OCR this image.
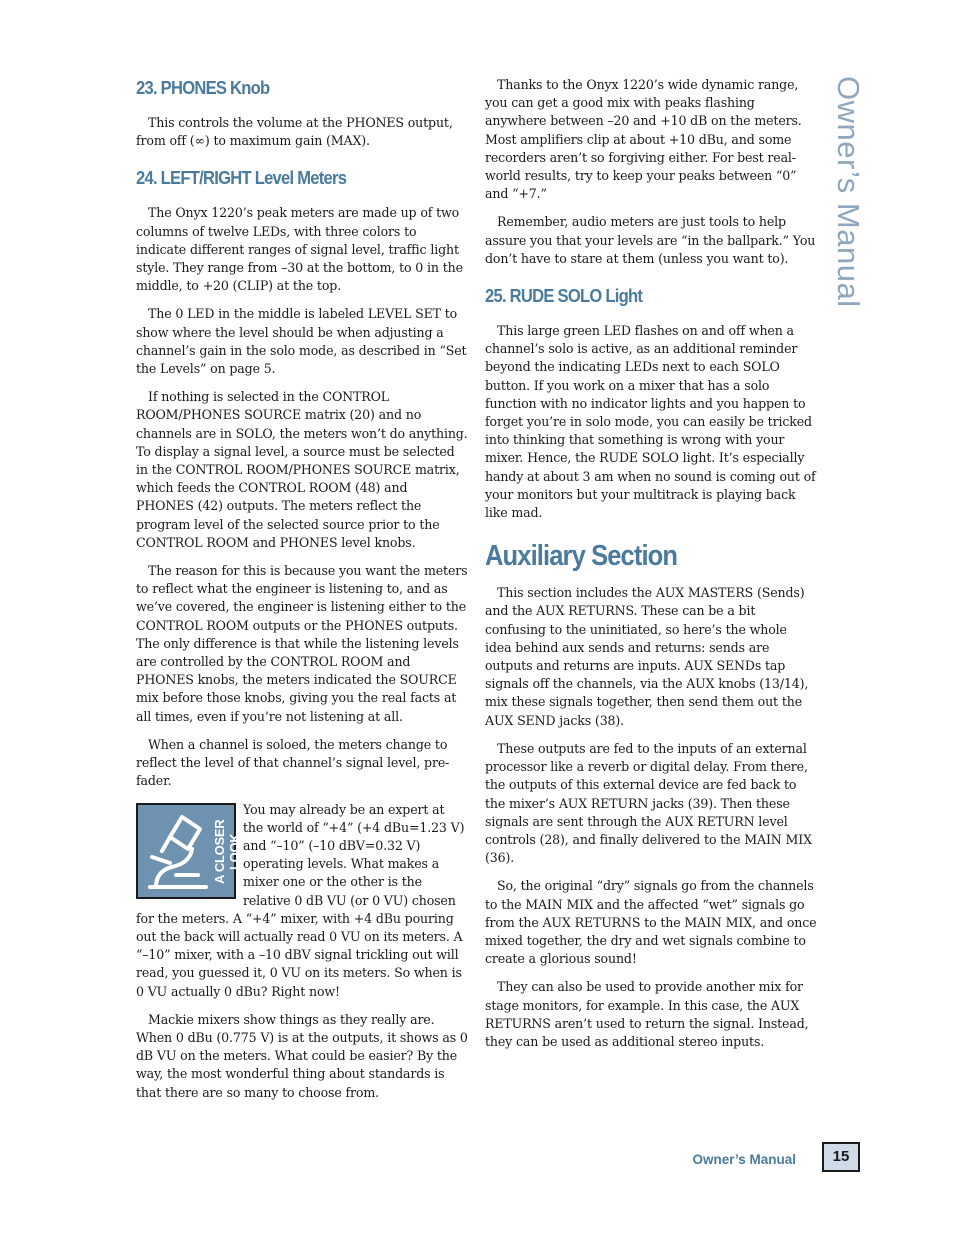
Owner’s Manual
23. PHONES Knob

This controls the volume at the PHONES output, from off (∞) to maximum gain (MAX).

24. LEFT/RIGHT Level Meters

The Onyx 1220’s peak meters are made up of two columns of twelve LEDs, with three colors to indicate different ranges of signal level, traffic light style. They range from –30 at the bottom, to 0 in the middle, to +20 (CLIP) at the top.

The 0 LED in the middle is labeled LEVEL SET to show where the level should be when adjusting a channel’s gain in the solo mode, as described in “Set the Levels” on page 5.

If nothing is selected in the CONTROL ROOM/PHONES SOURCE matrix (20) and no channels are in SOLO, the meters won’t do anything. To display a signal level, a source must be selected in the CONTROL ROOM/PHONES SOURCE matrix, which feeds the CONTROL ROOM (48) and PHONES (42) outputs. The meters reflect the program level of the selected source prior to the CONTROL ROOM and PHONES level knobs.

The reason for this is because you want the meters to reflect what the engineer is listening to, and as we’ve covered, the engineer is listening either to the CONTROL ROOM outputs or the PHONES outputs. The only difference is that while the listening levels are controlled by the CONTROL ROOM and PHONES knobs, the meters indicated the SOURCE mix before those knobs, giving you the real facts at all times, even if you’re not listening at all.

When a channel is soloed, the meters change to reflect the level of that channel’s signal level, pre-fader.

A CLOSER LOOK

You may already be an expert at the world of “+4” (+4 dBu=1.23 V) and “–10” (–10 dBV=0.32 V) operating levels. What makes a mixer one or the other is the relative 0 dB VU (or 0 VU) chosen for the meters. A “+4” mixer, with +4 dBu pouring out the back will actually read 0 VU on its meters. A “–10” mixer, with a –10 dBV signal trickling out will read, you guessed it, 0 VU on its meters. So when is 0 VU actually 0 dBu? Right now!

Mackie mixers show things as they really are. When 0 dBu (0.775 V) is at the outputs, it shows as 0 dB VU on the meters. What could be easier? By the way, the most wonderful thing about standards is that there are so many to choose from.

Thanks to the Onyx 1220’s wide dynamic range, you can get a good mix with peaks flashing anywhere between –20 and +10 dB on the meters. Most amplifiers clip at about +10 dBu, and some recorders aren’t so forgiving either. For best real-world results, try to keep your peaks between “0” and “+7.”

Remember, audio meters are just tools to help assure you that your levels are “in the ballpark.” You don’t have to stare at them (unless you want to).

25. RUDE SOLO Light

This large green LED flashes on and off when a channel’s solo is active, as an additional reminder beyond the indicating LEDs next to each SOLO button. If you work on a mixer that has a solo function with no indicator lights and you happen to forget you’re in solo mode, you can easily be tricked into thinking that something is wrong with your mixer. Hence, the RUDE SOLO light. It’s especially handy at about 3 am when no sound is coming out of your monitors but your multitrack is playing back like mad.

Auxiliary Section

This section includes the AUX MASTERS (Sends) and the AUX RETURNS. These can be a bit confusing to the uninitiated, so here’s the whole idea behind aux sends and returns: sends are outputs and returns are inputs. AUX SENDs tap signals off the channels, via the AUX knobs (13/14), mix these signals together, then send them out the AUX SEND jacks (38).

These outputs are fed to the inputs of an external processor like a reverb or digital delay. From there, the outputs of this external device are fed back to the mixer’s AUX RETURN jacks (39). Then these signals are sent through the AUX RETURN level controls (28), and finally delivered to the MAIN MIX (36).

So, the original “dry” signals go from the channels to the MAIN MIX and the affected “wet” signals go from the AUX RETURNS to the MAIN MIX, and once mixed together, the dry and wet signals combine to create a glorious sound!

They can also be used to provide another mix for stage monitors, for example. In this case, the AUX RETURNS aren’t used to return the signal. Instead, they can be used as additional stereo inputs.

Owner’s Manual	15
